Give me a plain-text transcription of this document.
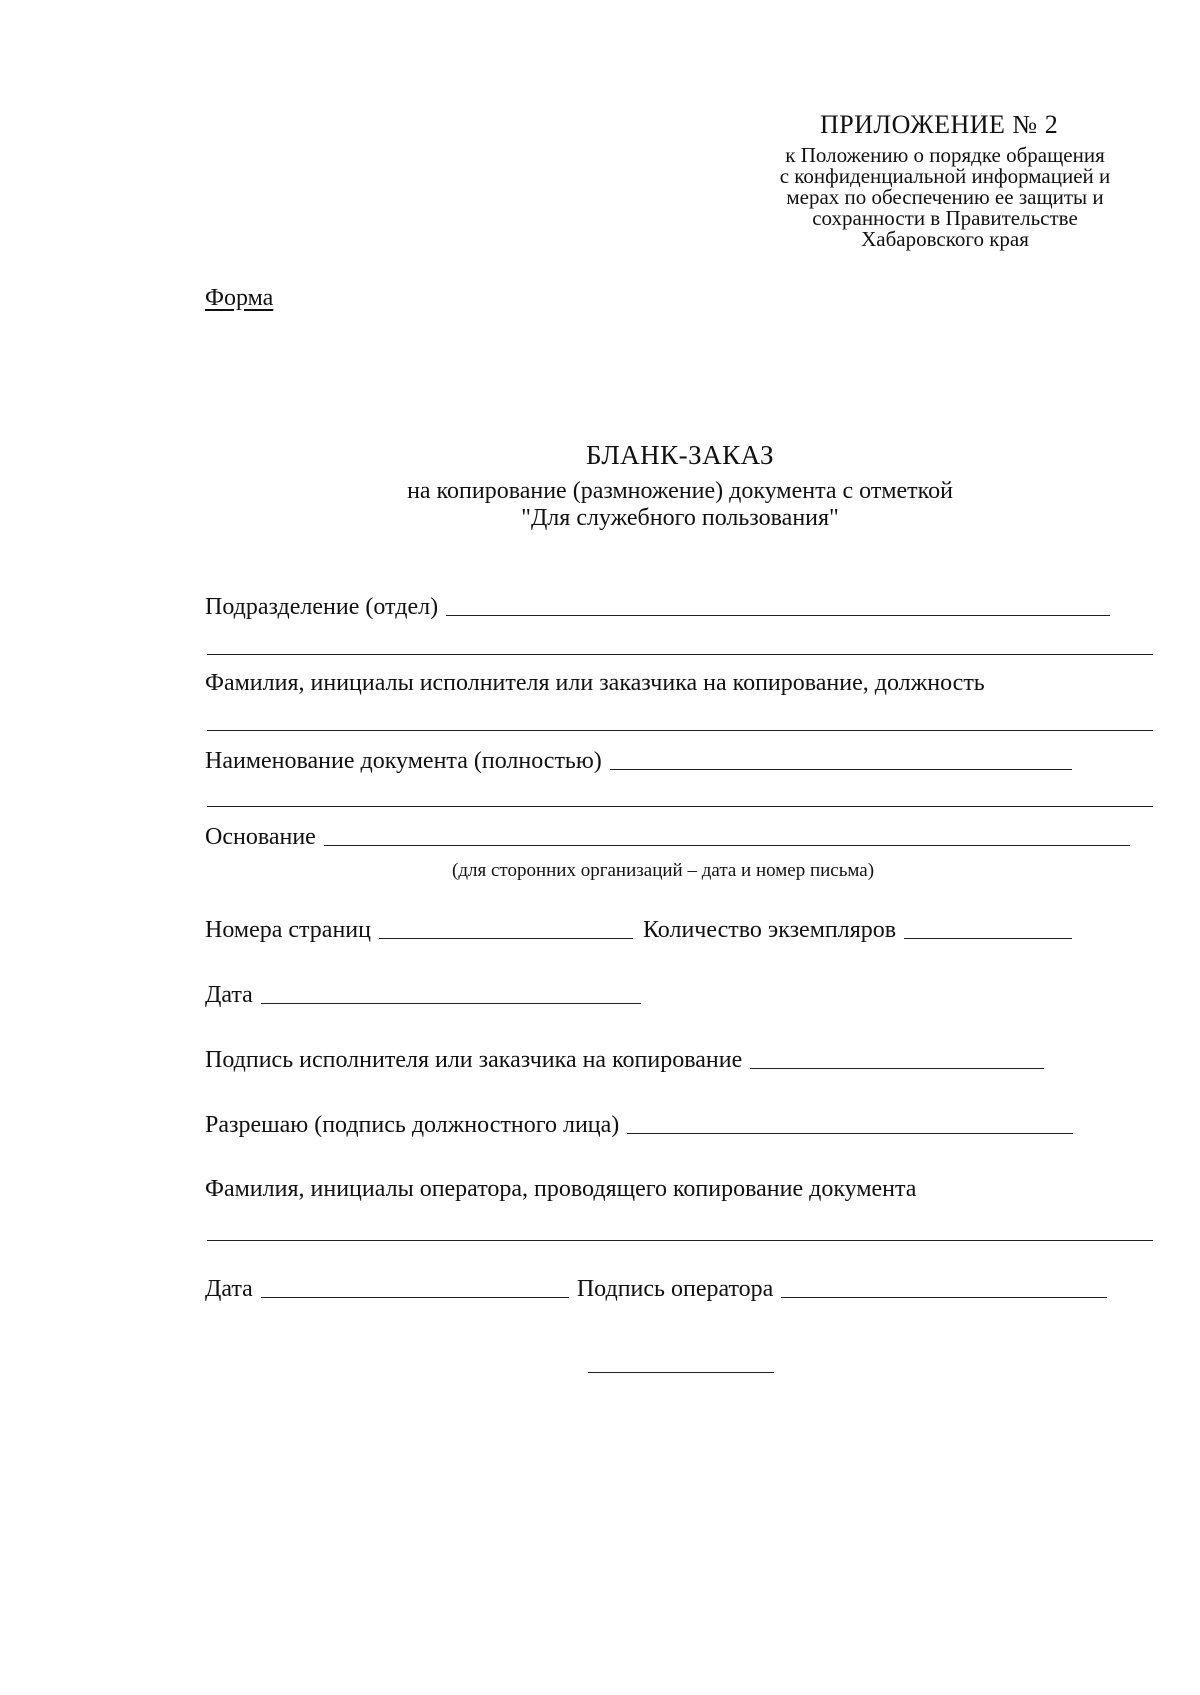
ПРИЛОЖЕНИЕ № 2
к Положению о порядке обращения
с конфиденциальной информацией и
мерах по обеспечению ее защиты и
сохранности в Правительстве
Хабаровского края
Форма
БЛАНК-ЗАКАЗ
на копирование (размножение) документа с отметкой
"Для служебного пользования"
Подразделение (отдел)
Фамилия, инициалы исполнителя или заказчика на копирование, должность
Наименование документа (полностью)
Основание
(для сторонних организаций – дата и номер письма)
Номера страниц	Количество экземпляров
Дата
Подпись исполнителя или заказчика на копирование
Разрешаю (подпись должностного лица)
Фамилия, инициалы оператора, проводящего копирование документа
Дата	Подпись оператора
